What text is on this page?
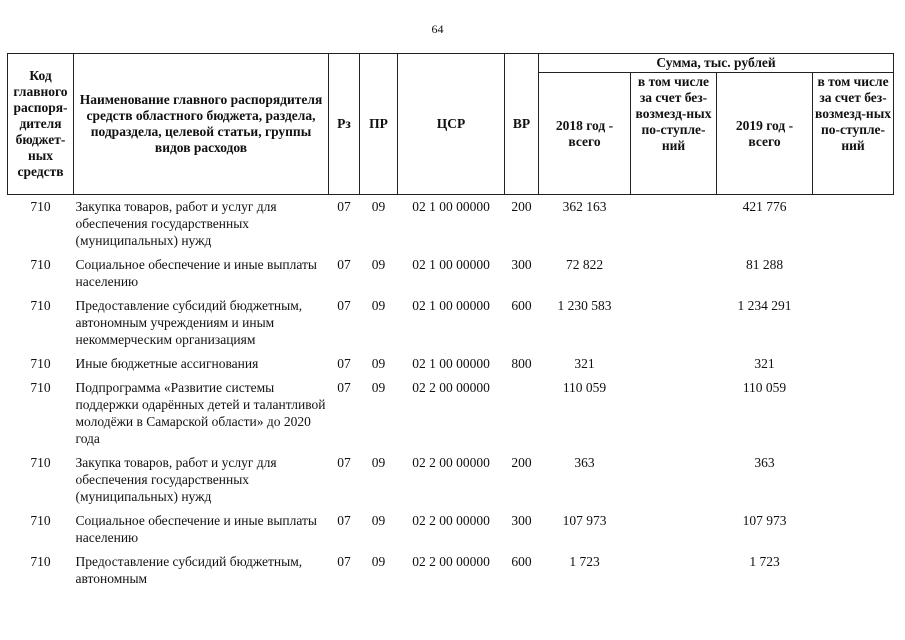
64
Код главного распоря-дителя бюджет-ных средств	Наименование главного распорядителя средств областного бюджета, раздела, подраздела, целевой статьи, группы видов расходов	Рз	ПР	ЦСР	ВР	Сумма, тыс. рублей			
						2018 год - всего	в том числе за счет без-возмезд-ных по-ступле-ний	2019 год - всего	в том числе за счет без-возмезд-ных по-ступле-ний
710	Закупка товаров, работ и услуг для обеспечения государственных (муниципальных) нужд	07	09	02 1 00 00000	200	362 163		421 776	
710	Социальное обеспечение и иные выплаты населению	07	09	02 1 00 00000	300	72 822		81 288	
710	Предоставление субсидий бюджетным, автономным учреждениям и иным некоммерческим организациям	07	09	02 1 00 00000	600	1 230 583		1 234 291	
710	Иные бюджетные ассигнования	07	09	02 1 00 00000	800	321		321	
710	Подпрограмма «Развитие системы поддержки одарённых детей и талантливой молодёжи в Самарской области» до 2020 года	07	09	02 2 00 00000		110 059		110 059	
710	Закупка товаров, работ и услуг для обеспечения государственных (муниципальных) нужд	07	09	02 2 00 00000	200	363		363	
710	Социальное обеспечение и иные выплаты населению	07	09	02 2 00 00000	300	107 973		107 973	
710	Предоставление субсидий бюджетным, автономным	07	09	02 2 00 00000	600	1 723		1 723	
